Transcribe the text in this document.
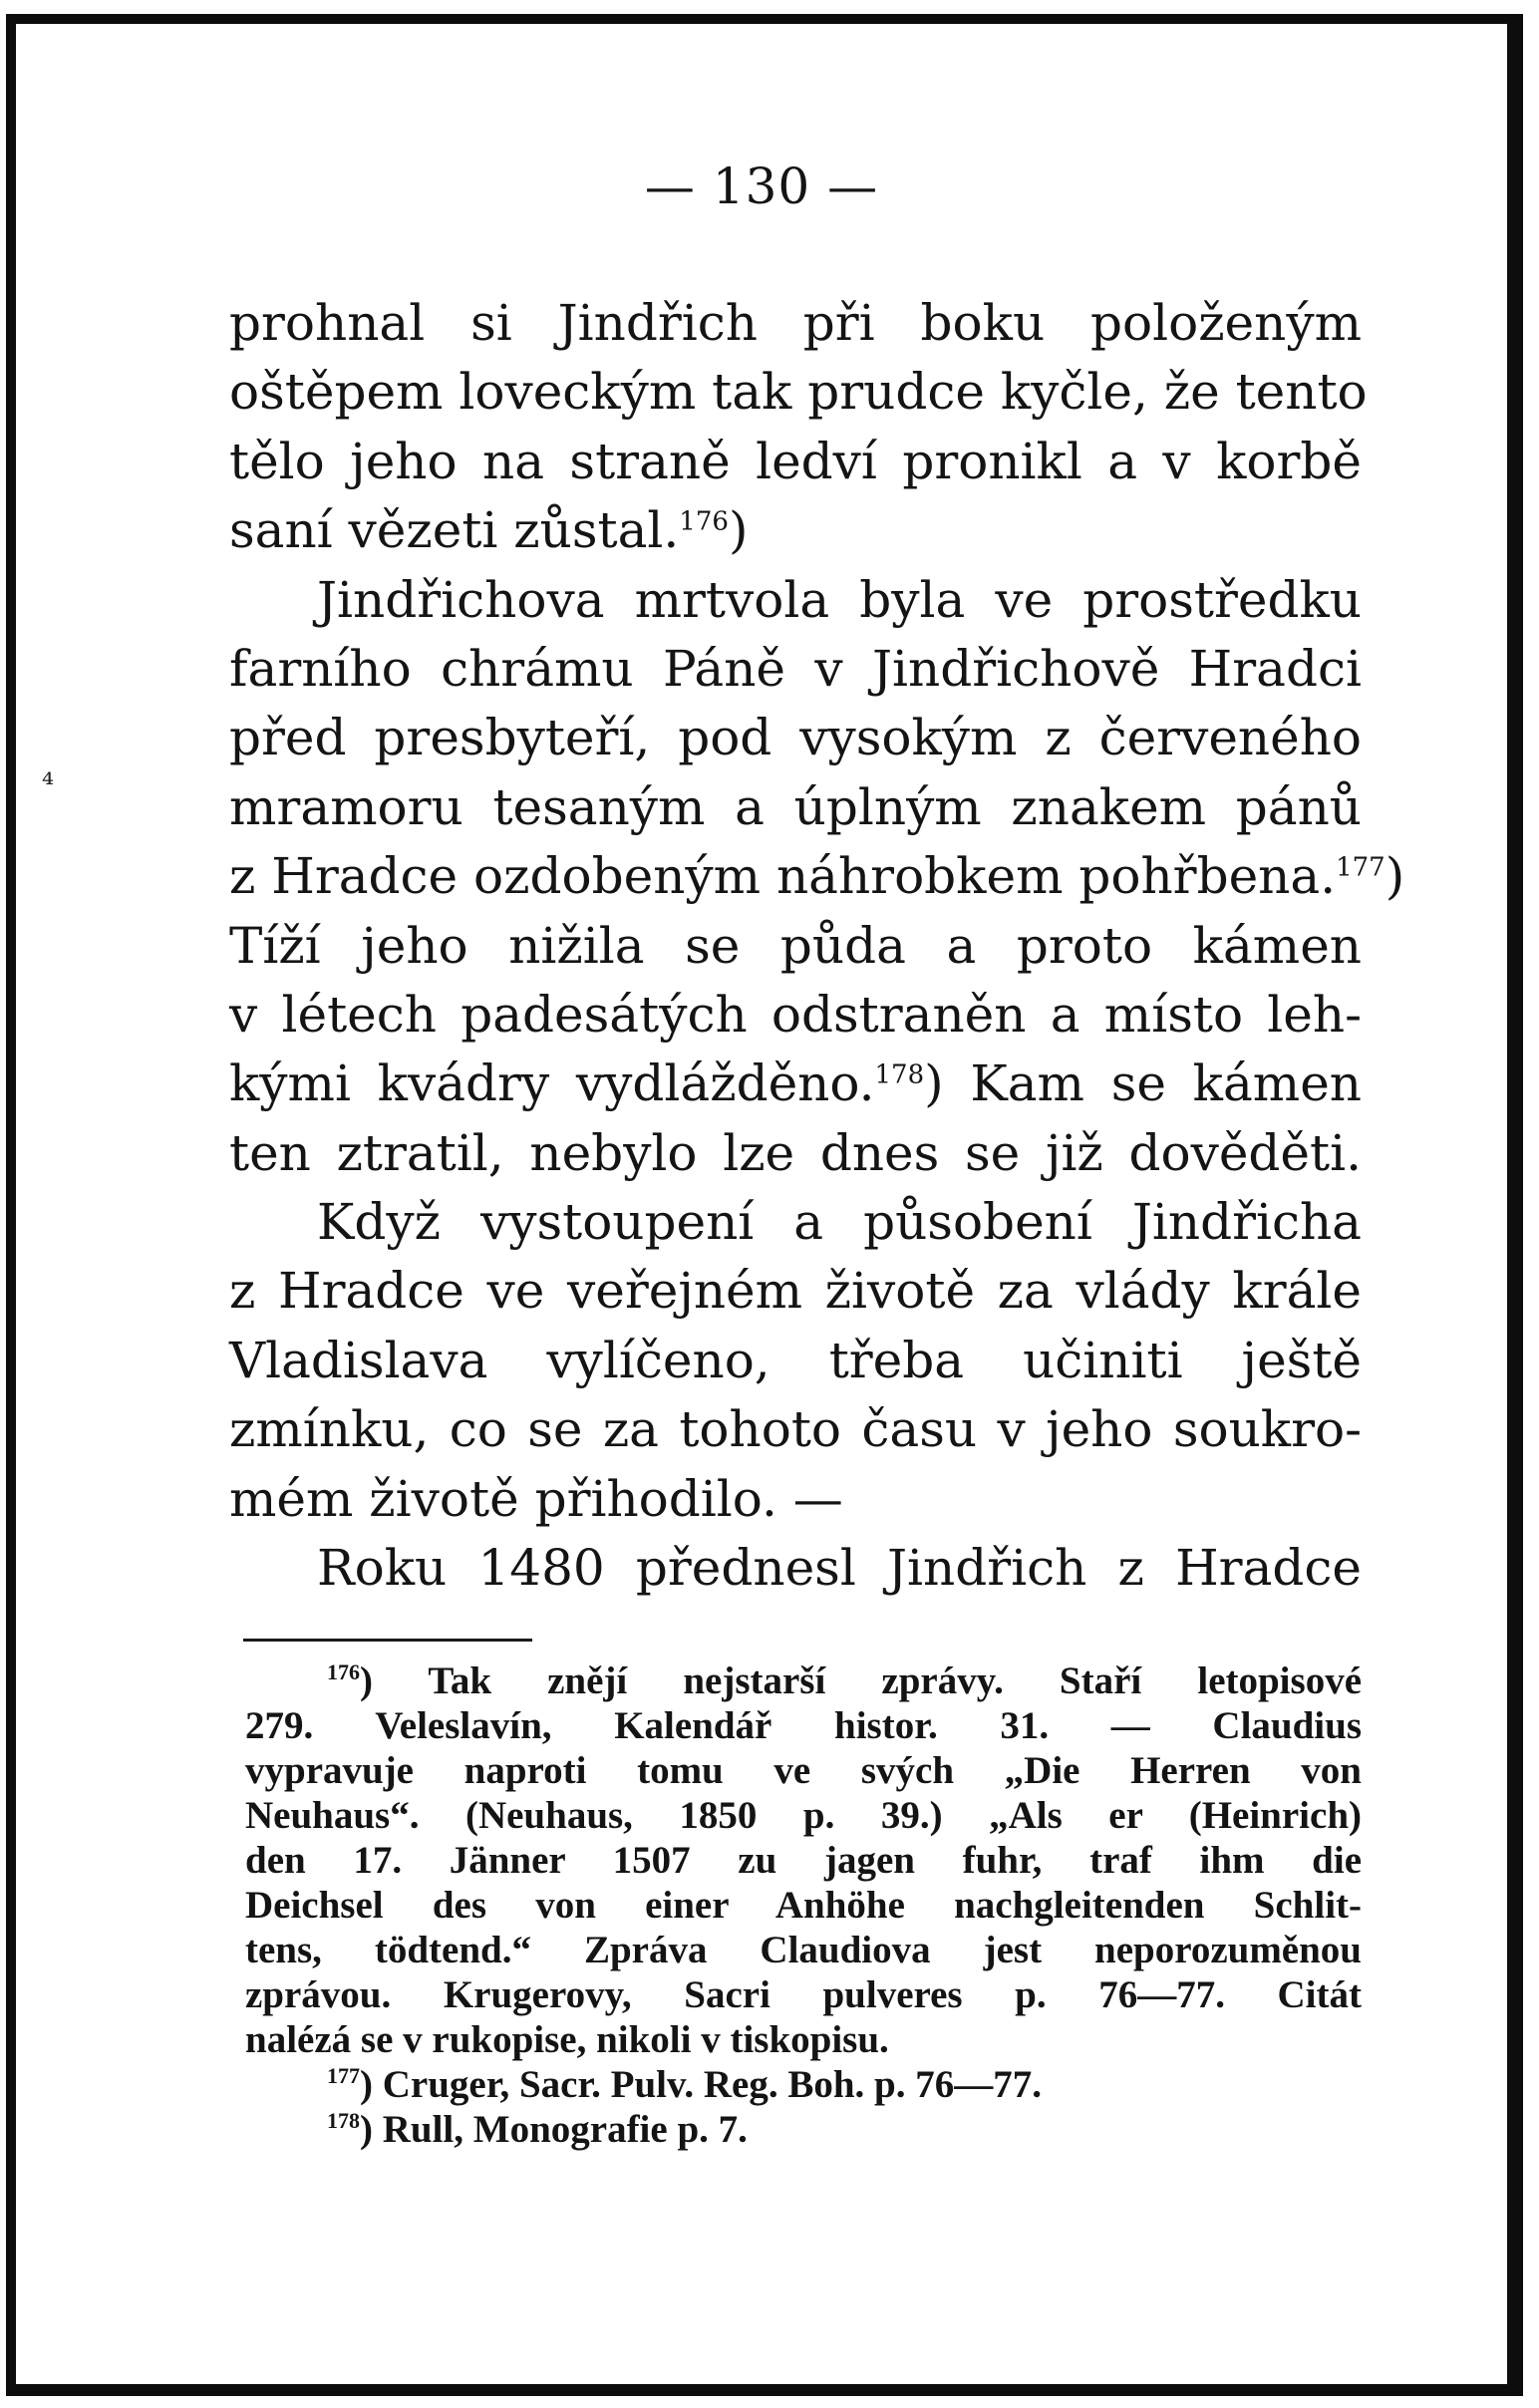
— 130 —
prohnal si Jindřich při boku položeným
oštěpem loveckým tak prudce kyčle, že tento
tělo jeho na straně ledví pronikl a v korbě
saní vězeti zůstal.$^{176}$)
Jindřichova mrtvola byla ve prostředku
farního chrámu Páně v Jindřichově Hradci
před presbyteří, pod vysokým z červeného
mramoru tesaným a úplným znakem pánů
z Hradce ozdobeným náhrobkem pohřbena.$^{177}$)
Tíží jeho nižila se půda a proto kámen
v létech padesátých odstraněn a místo leh-
kými kvádry vydlážděno.$^{178}$) Kam se kámen
ten ztratil, nebylo lze dnes se již dověděti.
Když vystoupení a působení Jindřicha
z Hradce ve veřejném životě za vlády krále
Vladislava vylíčeno, třeba učiniti ještě
zmínku, co se za tohoto času v jeho soukro-
mém životě přihodilo. —
Roku 1480 přednesl Jindřich z Hradce
$^{176}$) Tak znějí nejstarší zprávy. Staří letopisové
279. Veleslavín, Kalendář histor. 31. — Claudius
vypravuje naproti tomu ve svých „Die Herren von
Neuhaus“. (Neuhaus, 1850 p. 39.) „Als er (Heinrich)
den 17. Jänner 1507 zu jagen fuhr, traf ihm die
Deichsel des von einer Anhöhe nachgleitenden Schlit-
tens, tödtend.“ Zpráva Claudiova jest neporozuměnou
zprávou. Krugerovy, Sacri pulveres p. 76—77. Citát
nalézá se v rukopise, nikoli v tiskopisu.
$^{177}$) Cruger, Sacr. Pulv. Reg. Boh. p. 76—77.
$^{178}$) Rull, Monografie p. 7.
⁴
